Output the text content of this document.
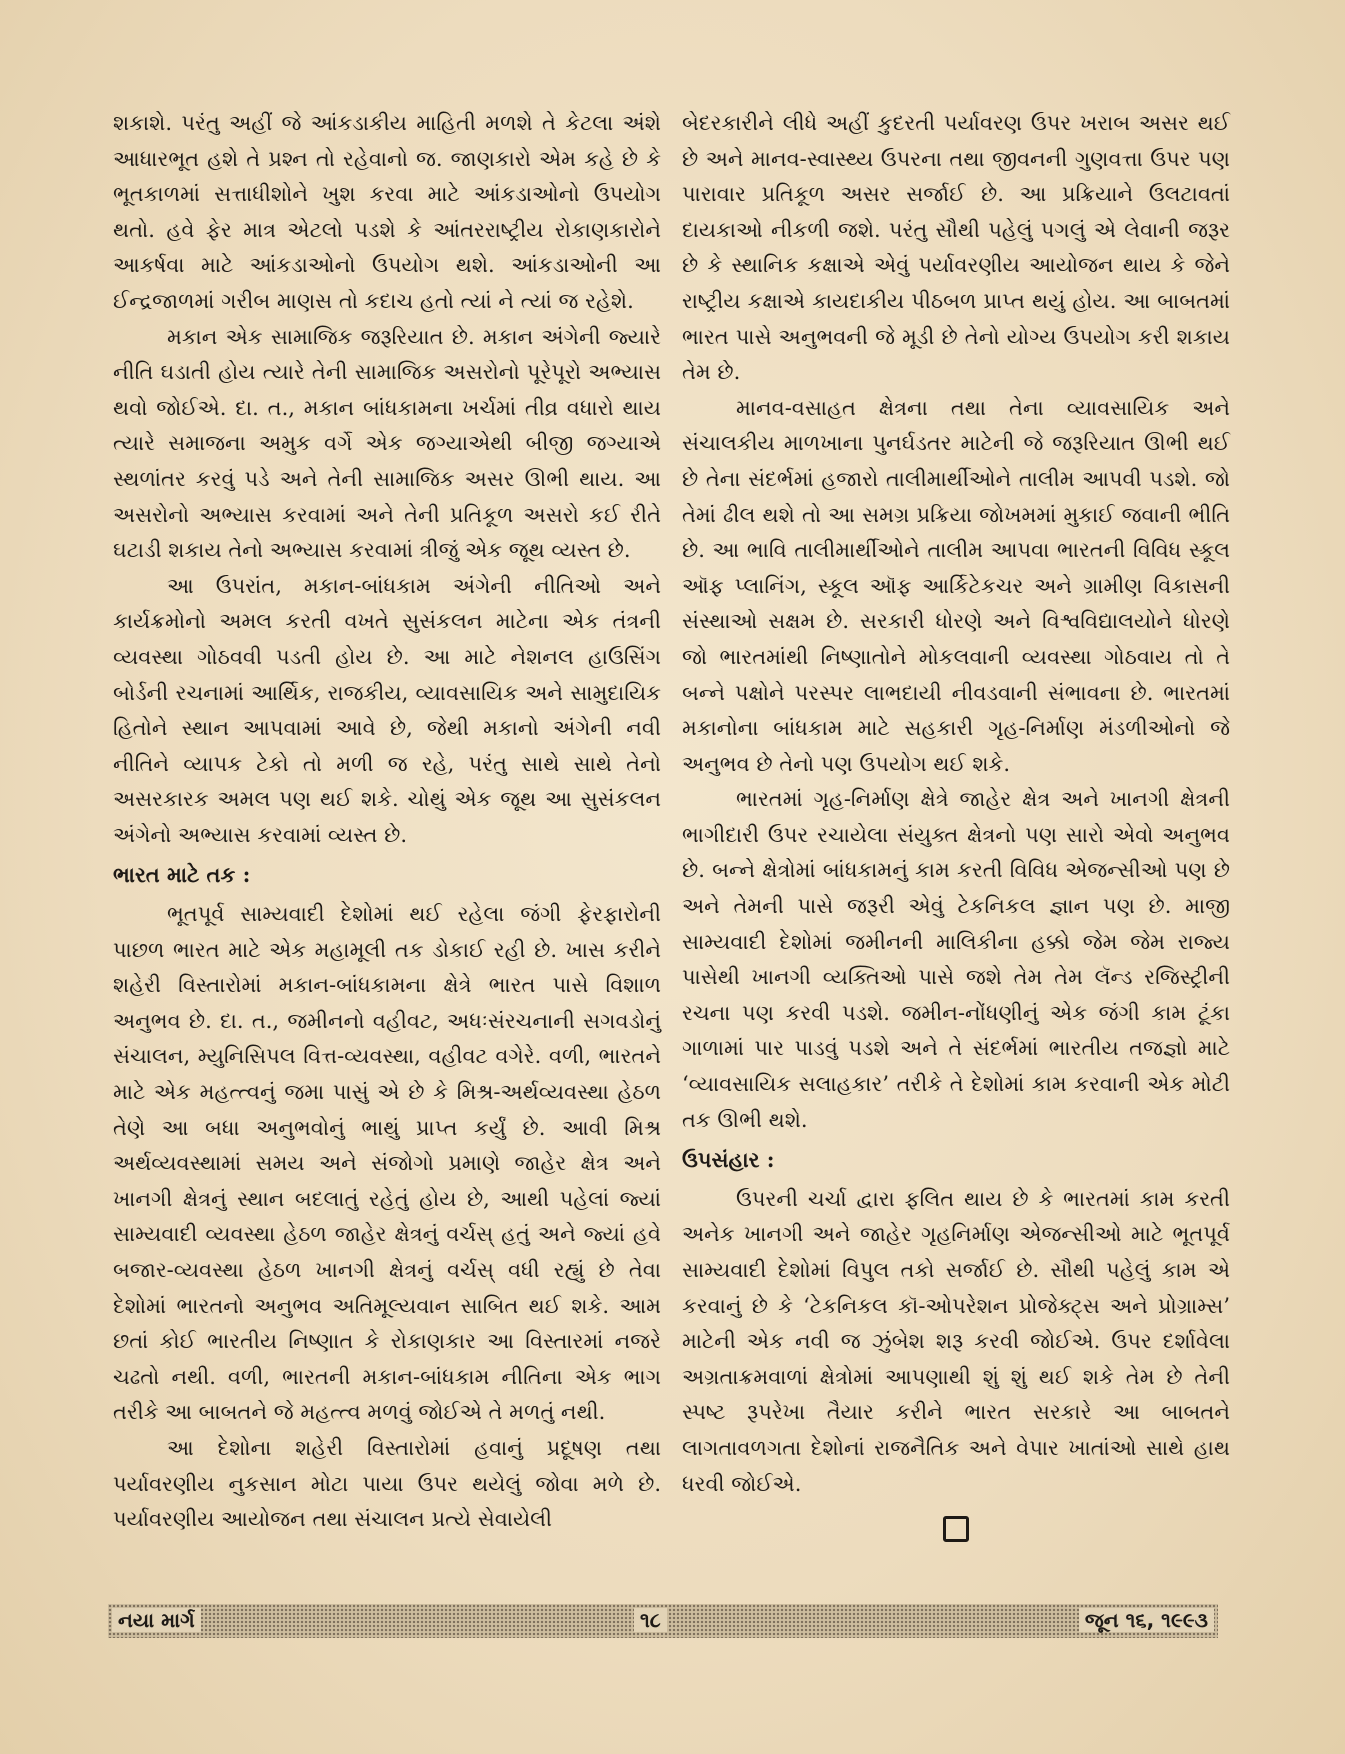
શકાશે. પરંતુ અહીં જે આંકડાકીય માહિતી મળશે તે કેટલા અંશે આધારભૂત હશે તે પ્રશ્ન તો રહેવાનો જ. જાણકારો એમ કહે છે કે ભૂતકાળમાં સત્તાધીશોને ખુશ કરવા માટે આંકડાઓનો ઉપયોગ થતો. હવે ફેર માત્ર એટલો પડશે કે આંતરરાષ્ટ્રીય રોકાણકારોને આકર્ષવા માટે આંકડાઓનો ઉપયોગ થશે. આંકડાઓની આ ઈન્દ્રજાળમાં ગરીબ માણસ તો કદાચ હતો ત્યાં ને ત્યાં જ રહેશે.

મકાન એક સામાજિક જરૂરિયાત છે. મકાન અંગેની જ્યારે નીતિ ઘડાતી હોય ત્યારે તેની સામાજિક અસરોનો પૂરેપૂરો અભ્યાસ થવો જોઈએ. દા. ત., મકાન બાંધકામના ખર્ચમાં તીવ્ર વધારો થાય ત્યારે સમાજના અમુક વર્ગે એક જગ્યાએથી બીજી જગ્યાએ સ્થળાંતર કરવું પડે અને તેની સામાજિક અસર ઊભી થાય. આ અસરોનો અભ્યાસ કરવામાં અને તેની પ્રતિકૂળ અસરો કઈ રીતે ઘટાડી શકાય તેનો અભ્યાસ કરવામાં ત્રીજું એક જૂથ વ્યસ્ત છે.

આ ઉપરાંત, મકાન-બાંધકામ અંગેની નીતિઓ અને કાર્યક્રમોનો અમલ કરતી વખતે સુસંકલન માટેના એક તંત્રની વ્યવસ્થા ગોઠવવી પડતી હોય છે. આ માટે નેશનલ હાઉસિંગ બોર્ડની રચનામાં આર્થિક, રાજકીય, વ્યાવસાયિક અને સામુદાયિક હિતોને સ્થાન આપવામાં આવે છે, જેથી મકાનો અંગેની નવી નીતિને વ્યાપક ટેકો તો મળી જ રહે, પરંતુ સાથે સાથે તેનો અસરકારક અમલ પણ થઈ શકે. ચોથું એક જૂથ આ સુસંકલન અંગેનો અભ્યાસ કરવામાં વ્યસ્ત છે.

ભારત માટે તક :

ભૂતપૂર્વ સામ્યવાદી દેશોમાં થઈ રહેલા જંગી ફેરફારોની પાછળ ભારત માટે એક મહામૂલી તક ડોકાઈ રહી છે. ખાસ કરીને શહેરી વિસ્તારોમાં મકાન-બાંધકામના ક્ષેત્રે ભારત પાસે વિશાળ અનુભવ છે. દા. ત., જમીનનો વહીવટ, અધઃસંરચનાની સગવડોનું સંચાલન, મ્યુનિસિપલ વિત્ત-વ્યવસ્થા, વહીવટ વગેરે. વળી, ભારતને માટે એક મહત્ત્વનું જમા પાસું એ છે કે મિશ્ર-અર્થવ્યવસ્થા હેઠળ તેણે આ બધા અનુભવોનું ભાથું પ્રાપ્ત કર્યું છે. આવી મિશ્ર અર્થવ્યવસ્થામાં સમય અને સંજોગો પ્રમાણે જાહેર ક્ષેત્ર અને ખાનગી ક્ષેત્રનું સ્થાન બદલાતું રહેતું હોય છે, આથી પહેલાં જ્યાં સામ્યવાદી વ્યવસ્થા હેઠળ જાહેર ક્ષેત્રનું વર્ચસ્ હતું અને જ્યાં હવે બજાર-વ્યવસ્થા હેઠળ ખાનગી ક્ષેત્રનું વર્ચસ્ વધી રહ્યું છે તેવા દેશોમાં ભારતનો અનુભવ અતિમૂલ્યવાન સાબિત થઈ શકે. આમ છતાં કોઈ ભારતીય નિષ્ણાત કે રોકાણકાર આ વિસ્તારમાં નજરે ચઢતો નથી. વળી, ભારતની મકાન-બાંધકામ નીતિના એક ભાગ તરીકે આ બાબતને જે મહત્ત્વ મળવું જોઈએ તે મળતું નથી.

આ દેશોના શહેરી વિસ્તારોમાં હવાનું પ્રદૂષણ તથા પર્યાવરણીય નુકસાન મોટા પાયા ઉપર થયેલું જોવા મળે છે. પર્યાવરણીય આયોજન તથા સંચાલન પ્રત્યે સેવાયેલી

બેદરકારીને લીધે અહીં કુદરતી પર્યાવરણ ઉપર ખરાબ અસર થઈ છે અને માનવ-સ્વાસ્થ્ય ઉપરના તથા જીવનની ગુણવત્તા ઉપર પણ પારાવાર પ્રતિકૂળ અસર સર્જાઈ છે. આ પ્રક્રિયાને ઉલટાવતાં દાયકાઓ નીકળી જશે. પરંતુ સૌથી પહેલું પગલું એ લેવાની જરૂર છે કે સ્થાનિક કક્ષાએ એવું પર્યાવરણીય આયોજન થાય કે જેને રાષ્ટ્રીય કક્ષાએ કાયદાકીય પીઠબળ પ્રાપ્ત થયું હોય. આ બાબતમાં ભારત પાસે અનુભવની જે મૂડી છે તેનો યોગ્ય ઉપયોગ કરી શકાય તેમ છે.

માનવ-વસાહત ક્ષેત્રના તથા તેના વ્યાવસાયિક અને સંચાલકીય માળખાના પુનર્ઘડતર માટેની જે જરૂરિયાત ઊભી થઈ છે તેના સંદર્ભમાં હજારો તાલીમાર્થીઓને તાલીમ આપવી પડશે. જો તેમાં ઢીલ થશે તો આ સમગ્ર પ્રક્રિયા જોખમમાં મુકાઈ જવાની ભીતિ છે. આ ભાવિ તાલીમાર્થીઓને તાલીમ આપવા ભારતની વિવિધ સ્કૂલ ઑફ પ્લાનિંગ, સ્કૂલ ઑફ આર્કિટેકચર અને ગ્રામીણ વિકાસની સંસ્થાઓ સક્ષમ છે. સરકારી ધોરણે અને વિશ્વવિદ્યાલયોને ધોરણે જો ભારતમાંથી નિષ્ણાતોને મોકલવાની વ્યવસ્થા ગોઠવાય તો તે બન્ને પક્ષોને પરસ્પર લાભદાયી નીવડવાની સંભાવના છે. ભારતમાં મકાનોના બાંધકામ માટે સહકારી ગૃહ-નિર્માણ મંડળીઓનો જે અનુભવ છે તેનો પણ ઉપયોગ થઈ શકે.

ભારતમાં ગૃહ-નિર્માણ ક્ષેત્રે જાહેર ક્ષેત્ર અને ખાનગી ક્ષેત્રની ભાગીદારી ઉપર રચાયેલા સંયુક્ત ક્ષેત્રનો પણ સારો એવો અનુભવ છે. બન્ને ક્ષેત્રોમાં બાંધકામનું કામ કરતી વિવિધ એજન્સીઓ પણ છે અને તેમની પાસે જરૂરી એવું ટેકનિકલ જ્ઞાન પણ છે. માજી સામ્યવાદી દેશોમાં જમીનની માલિકીના હક્કો જેમ જેમ રાજ્ય પાસેથી ખાનગી વ્યક્તિઓ પાસે જશે તેમ તેમ લૅન્ડ રજિસ્ટ્રીની રચના પણ કરવી પડશે. જમીન-નોંધણીનું એક જંગી કામ ટૂંકા ગાળામાં પાર પાડવું પડશે અને તે સંદર્ભમાં ભારતીય તજજ્ઞો માટે ‘વ્યાવસાયિક સલાહકાર’ તરીકે તે દેશોમાં કામ કરવાની એક મોટી તક ઊભી થશે.

ઉપસંહાર :

ઉપરની ચર્ચા દ્વારા ફલિત થાય છે કે ભારતમાં કામ કરતી અનેક ખાનગી અને જાહેર ગૃહનિર્માણ એજન્સીઓ માટે ભૂતપૂર્વ સામ્યવાદી દેશોમાં વિપુલ તકો સર્જાઈ છે. સૌથી પહેલું કામ એ કરવાનું છે કે ‘ટેકનિકલ કૉ-ઓપરેશન પ્રોજેક્ટ્સ અને પ્રોગ્રામ્સ’ માટેની એક નવી જ ઝુંબેશ શરૂ કરવી જોઈએ. ઉપર દર્શાવેલા અગ્રતાક્રમવાળાં ક્ષેત્રોમાં આપણાથી શું શું થઈ શકે તેમ છે તેની સ્પષ્ટ રૂપરેખા તૈયાર કરીને ભારત સરકારે આ બાબતને લાગતાવળગતા દેશોનાં રાજનૈતિક અને વેપાર ખાતાંઓ સાથે હાથ ધરવી જોઈએ.

નયા માર્ગ	૧૮	જૂન ૧૬, ૧૯૯૩
